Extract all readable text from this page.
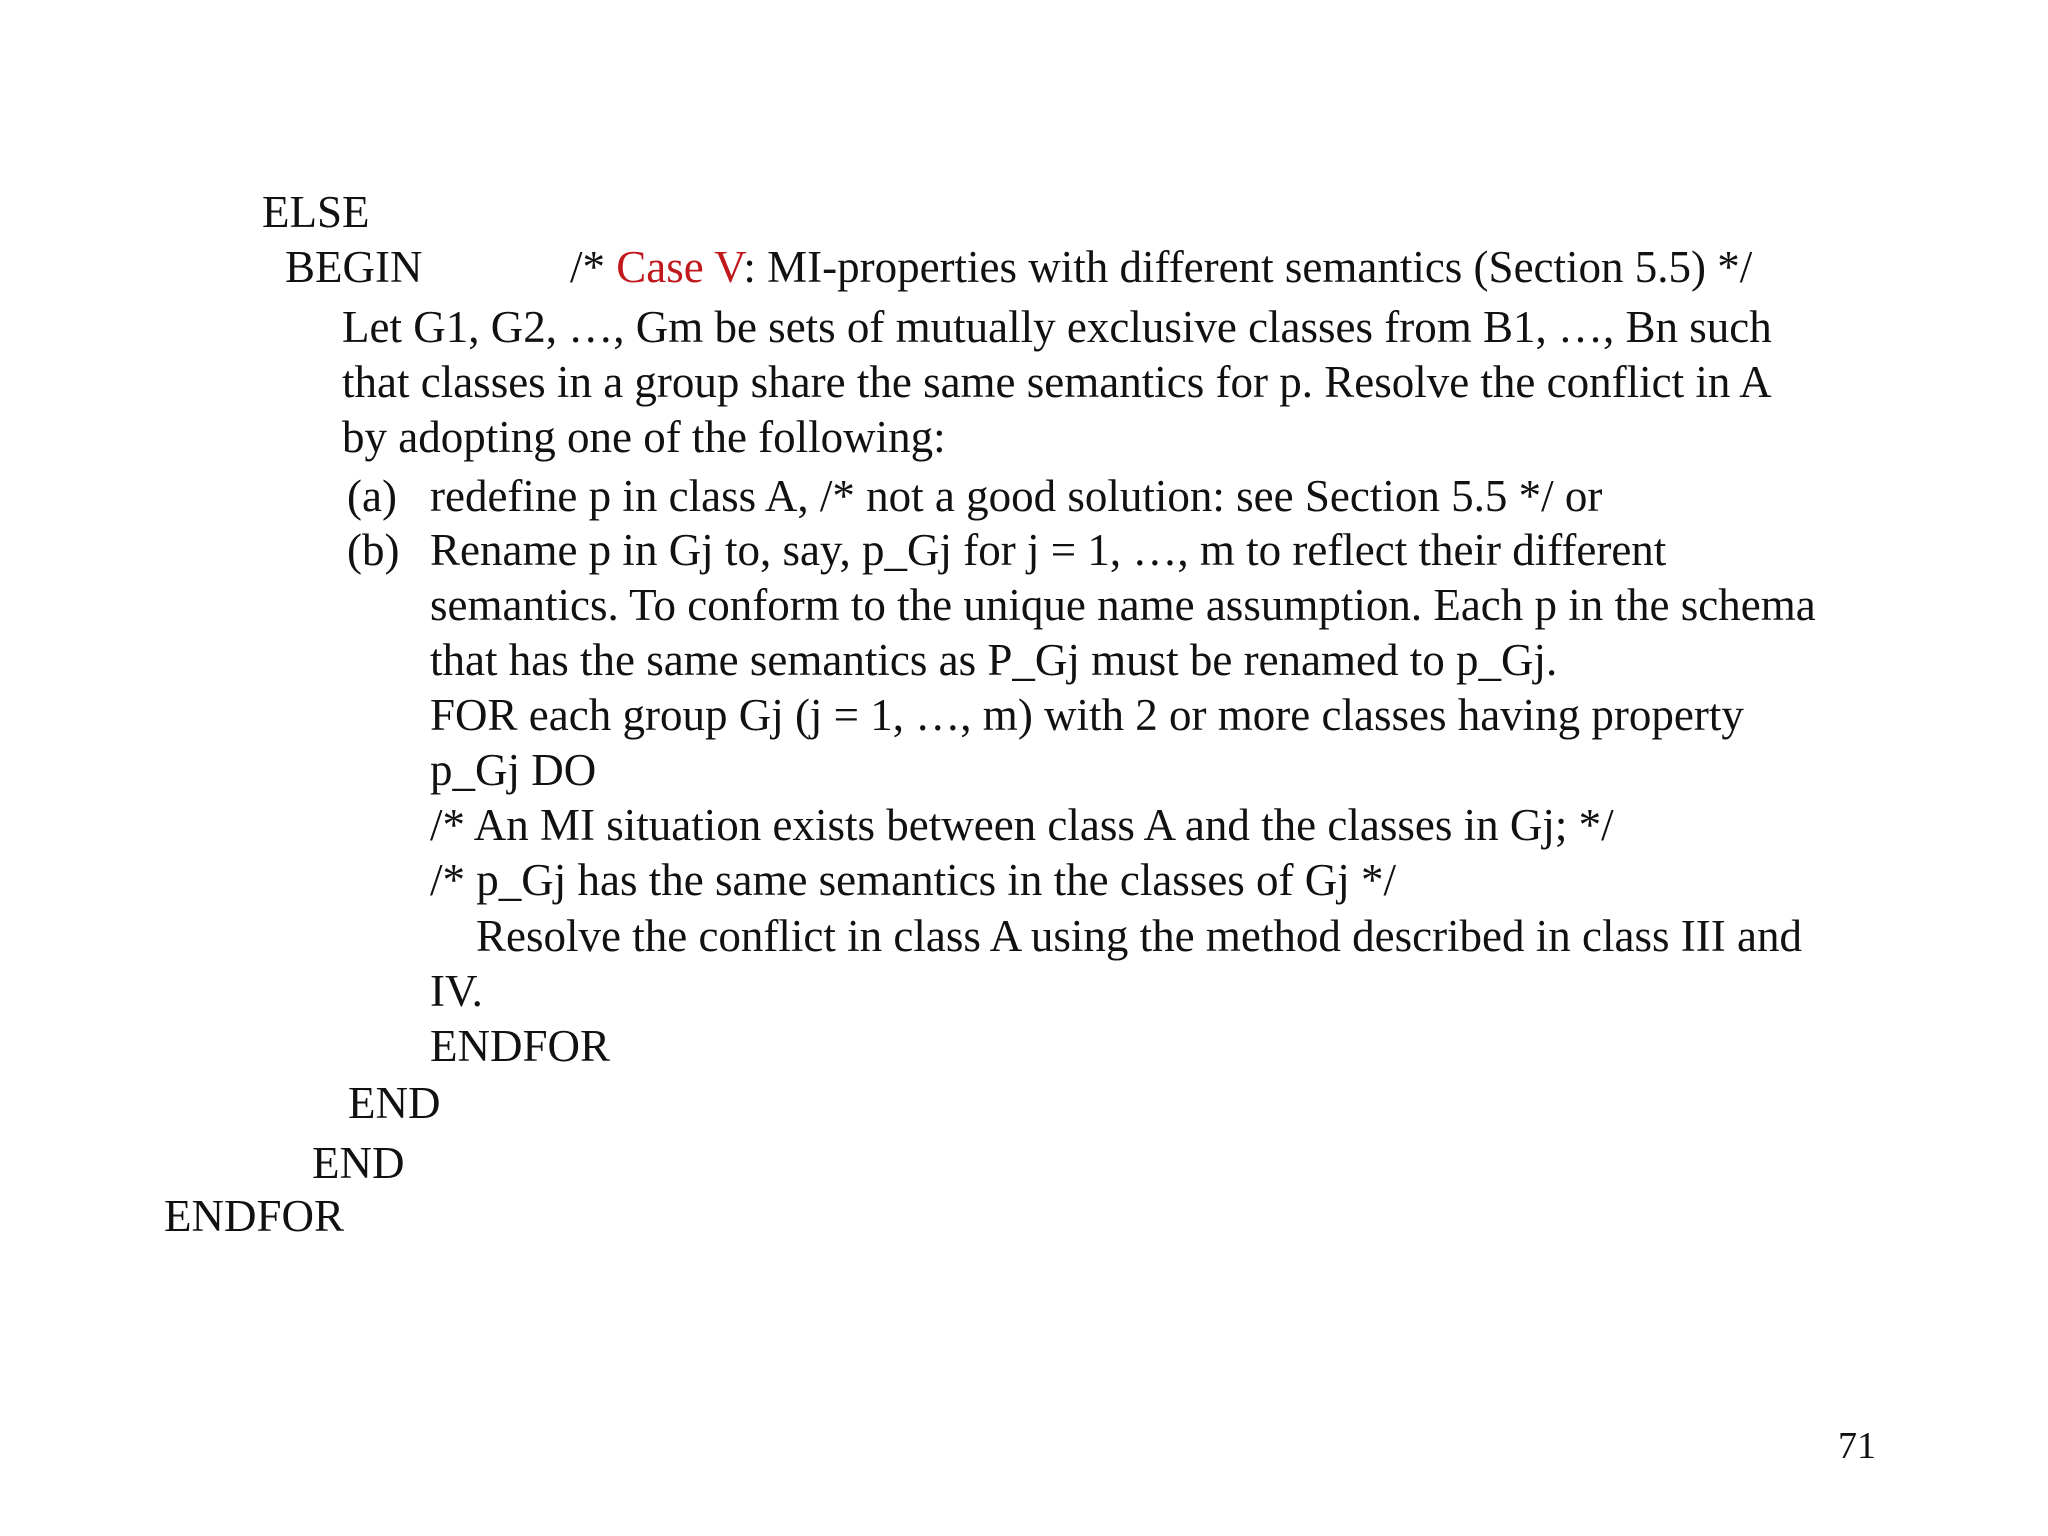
ELSE
BEGIN	/* Case V: MI-properties with different semantics (Section 5.5) */
Let G1, G2, …, Gm be sets of mutually exclusive classes from B1, …, Bn such
that classes in a group share the same semantics for p. Resolve the conflict in A
by adopting one of the following:
(a) redefine p in class A, /* not a good solution: see Section 5.5 */ or
(b) Rename p in Gj to, say, p_Gj for j = 1, …, m to reflect their different
semantics. To conform to the unique name assumption. Each p in the schema
that has the same semantics as P_Gj must be renamed to p_Gj.
FOR each group Gj (j = 1, …, m) with 2 or more classes having property
p_Gj DO
/* An MI situation exists between class A and the classes in Gj; */
/* p_Gj has the same semantics in the classes of Gj */
Resolve the conflict in class A using the method described in class III and
IV.
ENDFOR
END
END
ENDFOR
71
